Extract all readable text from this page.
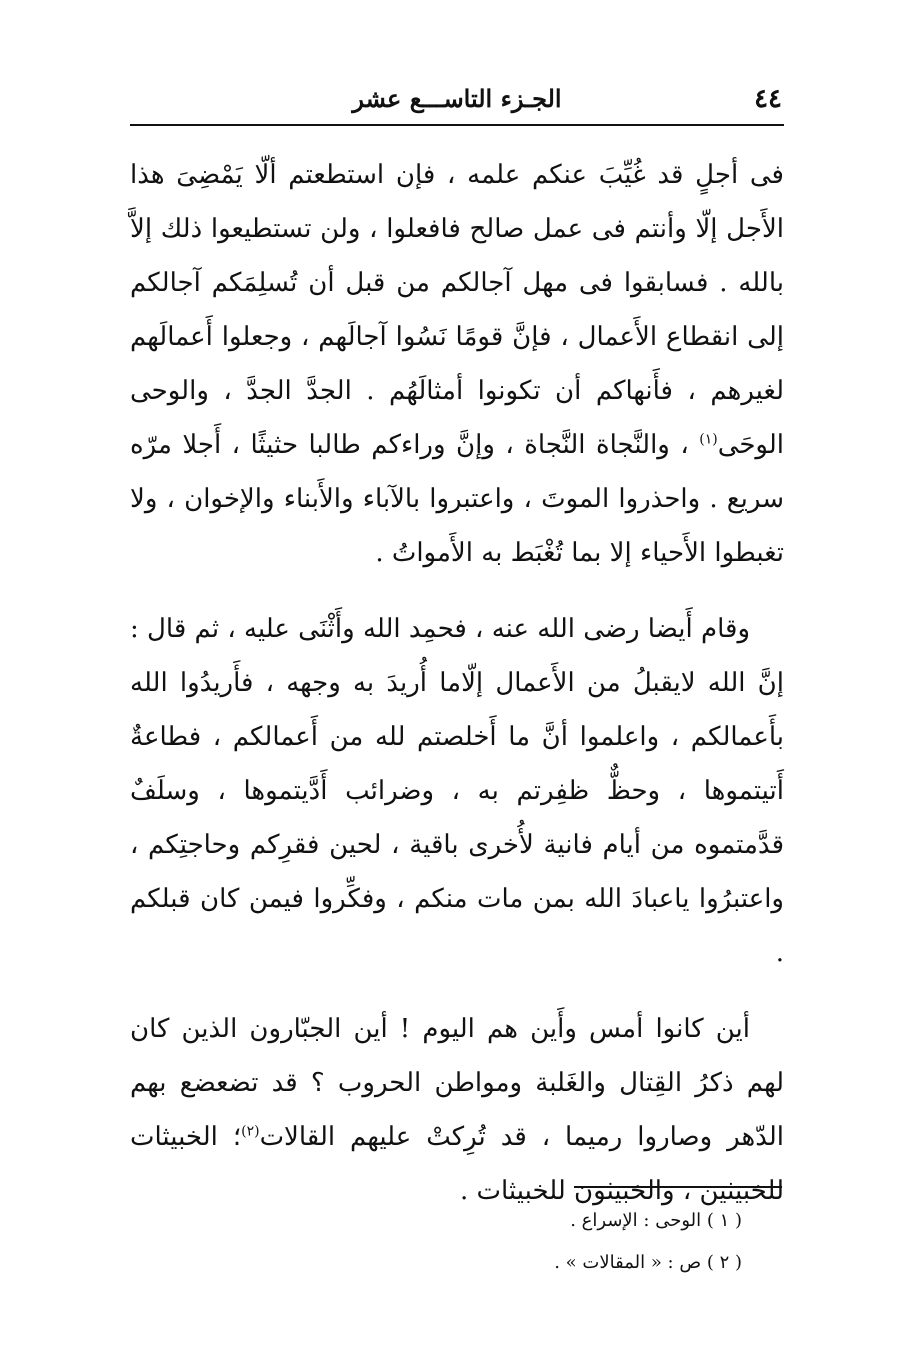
٤٤
الجـزء التاســـع عشر

فى أجلٍ قد غُيِّبَ عنكم علمه ، فإن استطعتم ألّا يَمْضِىَ هذا الأَجل إلّا وأنتم فى عمل صالح فافعلوا ، ولن تستطيعوا ذلك إلاَّ بالله . فسابقوا فى مهل آجالكم من قبل أن تُسلِمَكم آجالكم إلى انقطاع الأَعمال ، فإنَّ قومًا نَسُوا آجالَهم ، وجعلوا أَعمالَهم لغيرهم ، فأَنهاكم أن تكونوا أمثالَهُم . الجدَّ الجدَّ ، والوحى الوحَى$^{(١)}$ ، والنَّجاة النَّجاة ، وإنَّ وراءكم طالبا حثيثًا ، أَجلا مرّه سريع . واحذروا الموتَ ، واعتبروا بالآباء والأَبناء والإخوان ، ولا تغبطوا الأَحياء إلا بما تُغْبَط به الأَمواتُ .

وقام أَيضا رضى الله عنه ، فحمِد الله وأَثْنَى عليه ، ثم قال : إنَّ الله لايقبلُ من الأَعمال إلّاما أُريدَ به وجهه ، فأَريدُوا الله بأَعمالكم ، واعلموا أنَّ ما أَخلصتم لله من أَعمالكم ، فطاعةٌ أَتيتموها ، وحظٌّ ظفِرتم به ، وضرائب أَدَّيتموها ، وسلَفٌ قدَّمتموه من أيام فانية لأُخرى باقية ، لحين فقرِكم وحاجتِكم ، واعتبرُوا ياعبادَ الله بمن مات منكم ، وفكِّروا فيمن كان قبلكم .

أين كانوا أمس وأَين هم اليوم ! أين الجبّارون الذين كان لهم ذكرُ القِتال والغَلبة ومواطن الحروب ؟ قد تضعضع بهم الدّهر وصاروا رميما ، قد تُرِكتْ عليهم القالات$^{(٢)}$؛ الخبيثات للخبيثين ، والخبيثون للخبيثات .

( ١ ) الوحى : الإسراع .

( ٢ ) ص : « المقالات » .
